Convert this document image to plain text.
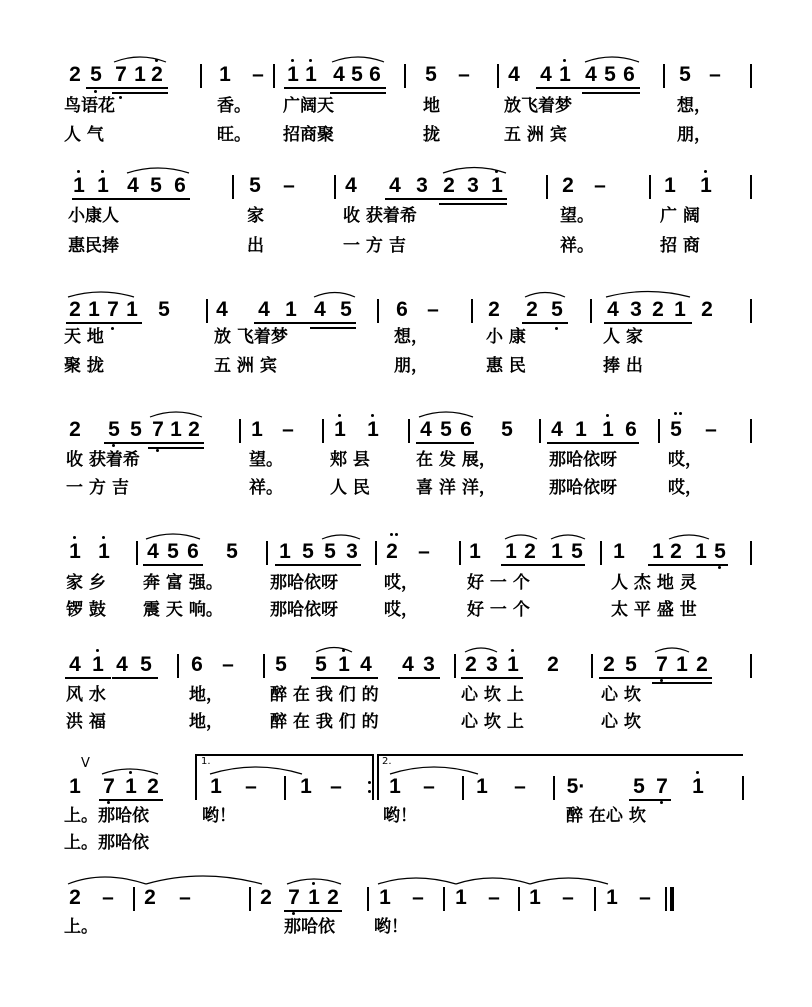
2 5 7 1 2	1 – 1 1 4 5 6 5 – 4 4 1 4 5 6 5 –
鸟语花	香。 广阔天	地	放飞着梦	想，
人 气	旺。 招商聚	拢	五 洲 宾	朋，
1 1 4 5 6	5 – 4 4 3 2 3 1	2 –	1 1
小康人	家	收 获着希	望。	广 阔
惠民捧	出	一 方 吉	祥。	招 商
2 1 7 1 5 4 4 1 4 5 6 – 2 2 5 4 3 2 1 2
天 地	放 飞着梦	想，	小 康	人 家
聚 拢	五 洲 宾	朋，	惠 民	捧 出
2 5 5 7 1 2 1 – 1 1 4 5 6 5 4 1 1 6 5 –
收 获着希	望。	郏 县	在 发 展，	那哈依呀	哎，
一 方 吉	祥。	人 民	喜 洋 洋，	那哈依呀	哎，
1 1 4 5 6 5 1 5 5 3 2 – 1 1 2 1 5 1 1 2 1 5
家 乡 奔 富 强。	那哈依呀	哎，	好 一 个	人 杰 地 灵
锣 鼓 震 天 响。	那哈依呀	哎，	好 一 个	太 平 盛 世
4 1 4 5 6 – 5 5 1 4 4 3 2 3 1 2 2 5 7 1 2
风 水	地，	醉 在 我 们 的	心 坎 上	心 坎
洪 福	地，	醉 在 我 们 的	心 坎 上	心 坎
1 7 1 2 1 – 1 – 1 – 1 – 5· 5 7 1
上。那哈依	哟！	哟！	醉 在心 坎
上。那哈依
V	1.	2.
2 – 2 –	2 7 1 2 1 – 1 – 1 – 1 –
上。	那哈依 哟！
